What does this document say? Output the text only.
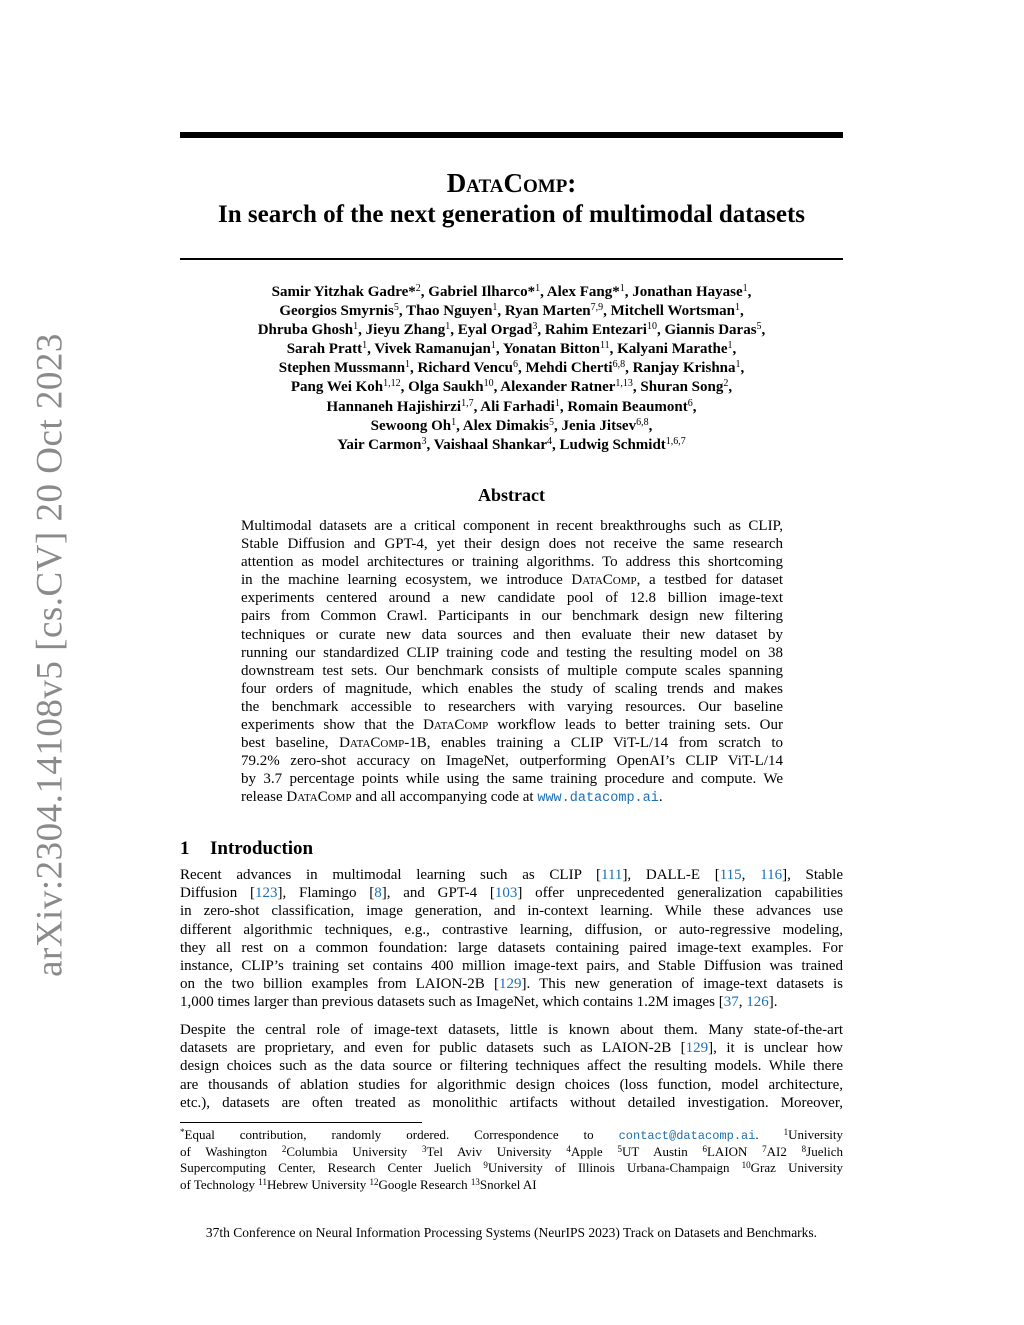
arXiv:2304.14108v5 [cs.CV] 20 Oct 2023
DataComp:
In search of the next generation of multimodal datasets
Samir Yitzhak Gadre*$^2$, Gabriel Ilharco*$^1$, Alex Fang*$^1$, Jonathan Hayase$^1$,
Georgios Smyrnis$^5$, Thao Nguyen$^1$, Ryan Marten$^{7,9}$, Mitchell Wortsman$^1$,
Dhruba Ghosh$^1$, Jieyu Zhang$^1$, Eyal Orgad$^3$, Rahim Entezari$^{10}$, Giannis Daras$^5$,
Sarah Pratt$^1$, Vivek Ramanujan$^1$, Yonatan Bitton$^{11}$, Kalyani Marathe$^1$,
Stephen Mussmann$^1$, Richard Vencu$^6$, Mehdi Cherti$^{6,8}$, Ranjay Krishna$^1$,
Pang Wei Koh$^{1,12}$, Olga Saukh$^{10}$, Alexander Ratner$^{1,13}$, Shuran Song$^2$,
Hannaneh Hajishirzi$^{1,7}$, Ali Farhadi$^1$, Romain Beaumont$^6$,
Sewoong Oh$^1$, Alex Dimakis$^5$, Jenia Jitsev$^{6,8}$,
Yair Carmon$^3$, Vaishaal Shankar$^4$, Ludwig Schmidt$^{1,6,7}$
Abstract
Multimodal datasets are a critical component in recent breakthroughs such as CLIP,
Stable Diffusion and GPT-4, yet their design does not receive the same research
attention as model architectures or training algorithms. To address this shortcoming
in the machine learning ecosystem, we introduce DataComp, a testbed for dataset
experiments centered around a new candidate pool of 12.8 billion image-text
pairs from Common Crawl. Participants in our benchmark design new filtering
techniques or curate new data sources and then evaluate their new dataset by
running our standardized CLIP training code and testing the resulting model on 38
downstream test sets. Our benchmark consists of multiple compute scales spanning
four orders of magnitude, which enables the study of scaling trends and makes
the benchmark accessible to researchers with varying resources. Our baseline
experiments show that the DataComp workflow leads to better training sets. Our
best baseline, DataComp-1B, enables training a CLIP ViT-L/14 from scratch to
79.2% zero-shot accuracy on ImageNet, outperforming OpenAI’s CLIP ViT-L/14
by 3.7 percentage points while using the same training procedure and compute. We
release DataComp and all accompanying code at www.datacomp.ai.
1 Introduction
Recent advances in multimodal learning such as CLIP [111], DALL-E [115, 116], Stable
Diffusion [123], Flamingo [8], and GPT-4 [103] offer unprecedented generalization capabilities
in zero-shot classification, image generation, and in-context learning. While these advances use
different algorithmic techniques, e.g., contrastive learning, diffusion, or auto-regressive modeling,
they all rest on a common foundation: large datasets containing paired image-text examples. For
instance, CLIP’s training set contains 400 million image-text pairs, and Stable Diffusion was trained
on the two billion examples from LAION-2B [129]. This new generation of image-text datasets is
1,000 times larger than previous datasets such as ImageNet, which contains 1.2M images [37, 126].
Despite the central role of image-text datasets, little is known about them. Many state-of-the-art
datasets are proprietary, and even for public datasets such as LAION-2B [129], it is unclear how
design choices such as the data source or filtering techniques affect the resulting models. While there
are thousands of ablation studies for algorithmic design choices (loss function, model architecture,
etc.), datasets are often treated as monolithic artifacts without detailed investigation. Moreover,
*Equal contribution, randomly ordered. Correspondence to contact@datacomp.ai.	$^1$University
of Washington $^2$Columbia University $^3$Tel Aviv University $^4$Apple $^5$UT Austin $^6$LAION $^7$AI2 $^8$Juelich
Supercomputing Center, Research Center Juelich $^9$University of Illinois Urbana-Champaign $^{10}$Graz University
of Technology $^{11}$Hebrew University $^{12}$Google Research $^{13}$Snorkel AI
37th Conference on Neural Information Processing Systems (NeurIPS 2023) Track on Datasets and Benchmarks.
